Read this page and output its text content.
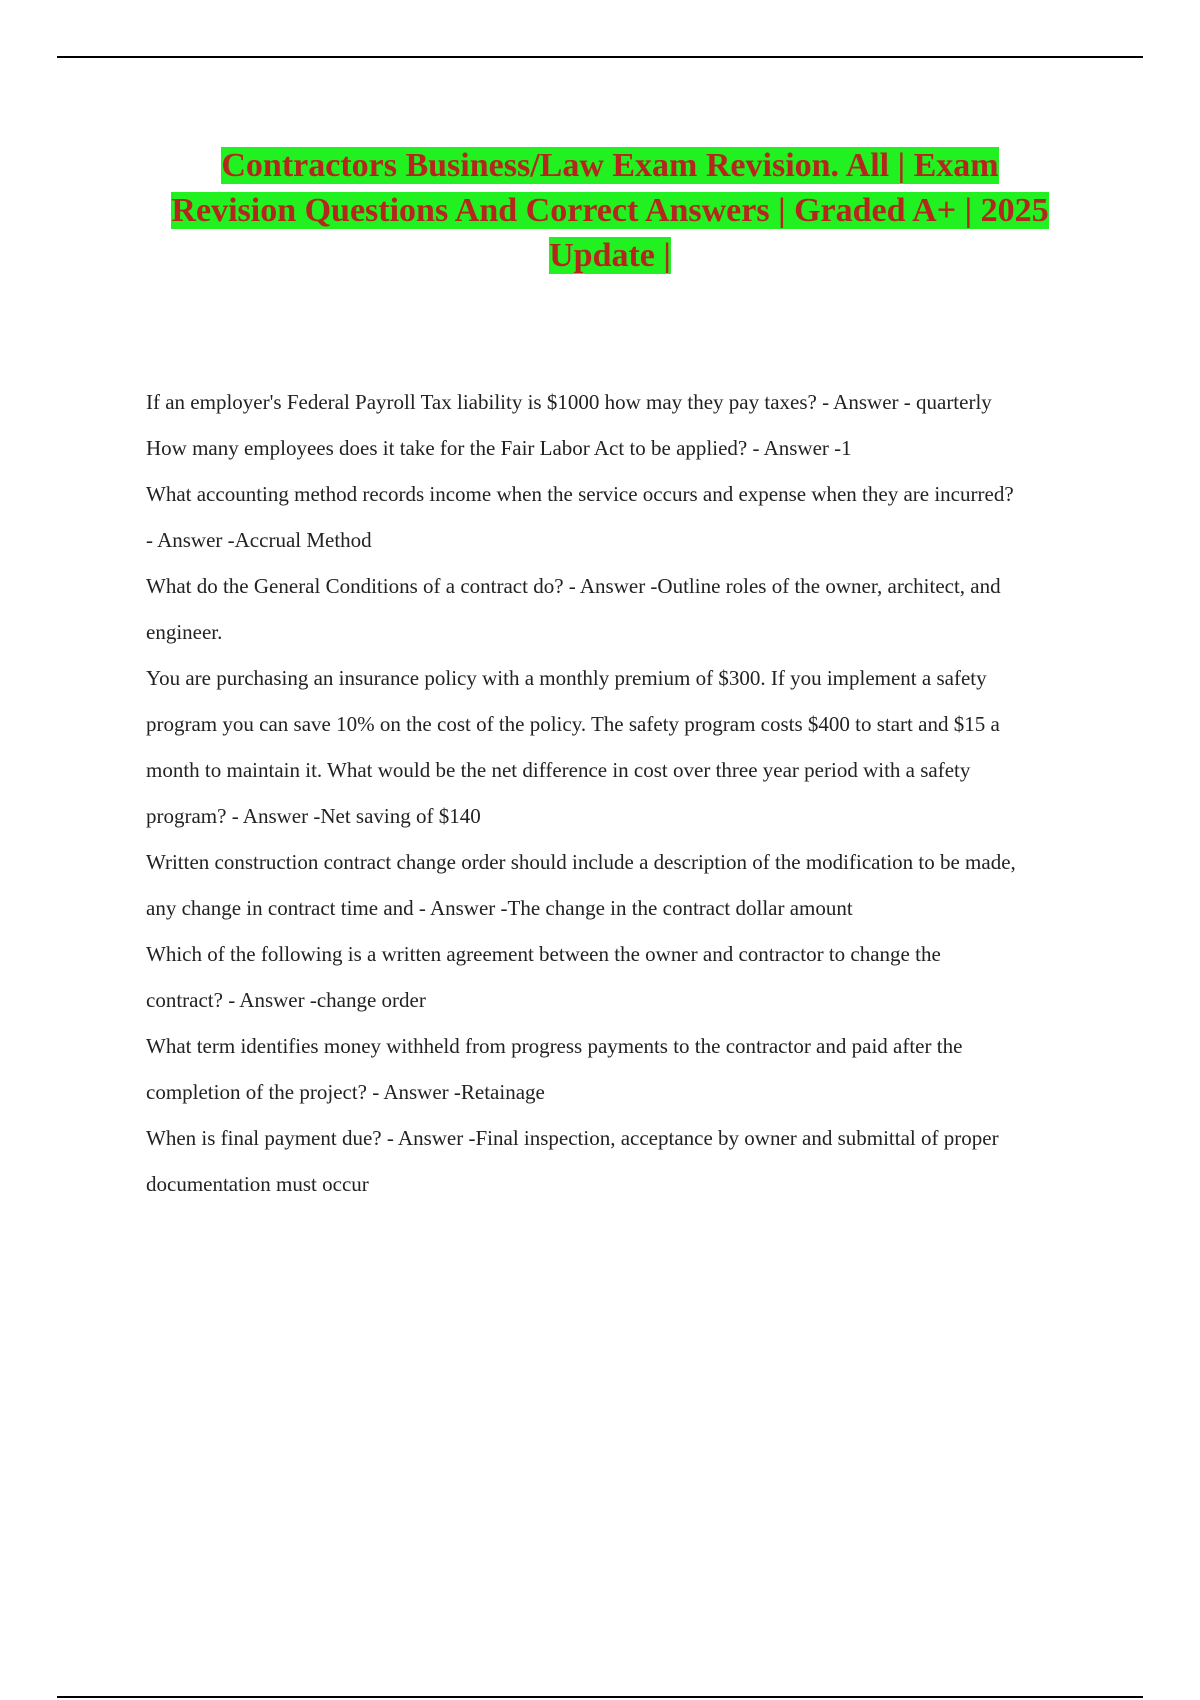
Contractors Business/Law Exam Revision. All | Exam
Revision Questions And Correct Answers | Graded A+ | 2025
Update |

If an employer's Federal Payroll Tax liability is $1000 how may they pay taxes? - Answer - quarterly

How many employees does it take for the Fair Labor Act to be applied? - Answer -1

What accounting method records income when the service occurs and expense when they are incurred?

- Answer -Accrual Method

What do the General Conditions of a contract do? - Answer -Outline roles of the owner, architect, and

engineer.

You are purchasing an insurance policy with a monthly premium of $300. If you implement a safety

program you can save 10% on the cost of the policy. The safety program costs $400 to start and $15 a

month to maintain it. What would be the net difference in cost over three year period with a safety

program? - Answer -Net saving of $140

Written construction contract change order should include a description of the modification to be made,

any change in contract time and - Answer -The change in the contract dollar amount

Which of the following is a written agreement between the owner and contractor to change the

contract? - Answer -change order

What term identifies money withheld from progress payments to the contractor and paid after the

completion of the project? - Answer -Retainage

When is final payment due? - Answer -Final inspection, acceptance by owner and submittal of proper

documentation must occur
